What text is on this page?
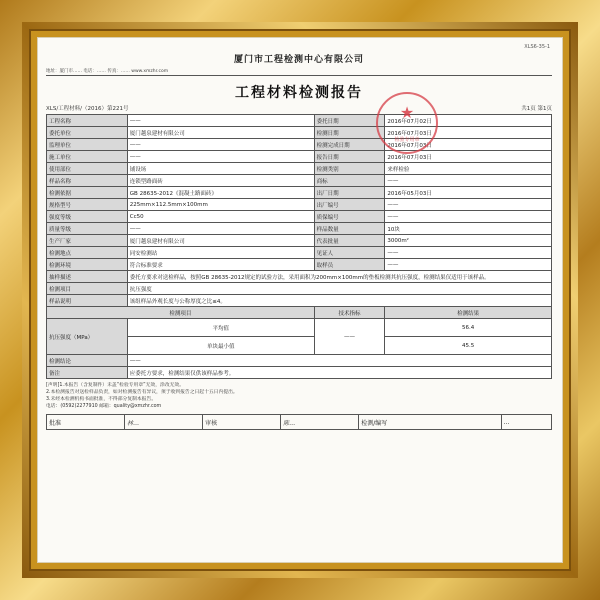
XLS6-35-1
厦门市工程检测中心有限公司
地址：厦门市…… 电话：…… 传真：…… www.xmzhr.com
工程材料检测报告
XLS/工程材料/（2016）第221号	共1页 第1页
★
检验专用章
工程名称	——	委托日期	2016年07月02日
委托单位	厦门越泉建材有限公司	检测日期	2016年07月03日
监理单位	——	检测完成日期	2016年07月03日
施工单位	——	报告日期	2016年07月03日
使用部位	铺设场	检测类别	来样检验
样品名称	连锁型路面砖	商标	——
检测依据	GB 28635-2012《混凝土路面砖》	出厂日期	2016年05月03日
规格型号	225mm×112.5mm×100mm	出厂编号	——
强度等级	Cc50	质保编号	——
质量等级	——	样品数量	10块
生产厂家	厦门越泉建材有限公司	代表批量	3000m²
检测地点	同安检测站	见证人	——
检测环境	符合标准要求	取样员	——
抽样描述	委托方要求对送检样品，按照GB 28635-2012规定的试验方法，采用面积为200mm×100mm的垫板检测其抗压强度，检测结果仅适用于该样品。		
检测项目	抗压强度		
样品说明	该组样品外观长度与公称厚度之比≤4。		
检测项目		技术指标	检测结果
抗压强度（MPa）	平均值	——	56.4
	单块最小值		45.5
检测结论	——		
备注	应委托方要求，检测结果仅供该样品参考。		
[声明]1.本报告（含复制件）未盖“检验专用章”无效，涂改无效。
2.本检测报告对送检样品负责，如对检测报告有异议，须于收到报告之日起十五日内提出。
3.未经本检测机构书面批准，不得部分复制本报告。
电话：(0592)2277910 邮箱：quality@xmzhr.com
批准	林…	审核	陈…	检测/编写	…
